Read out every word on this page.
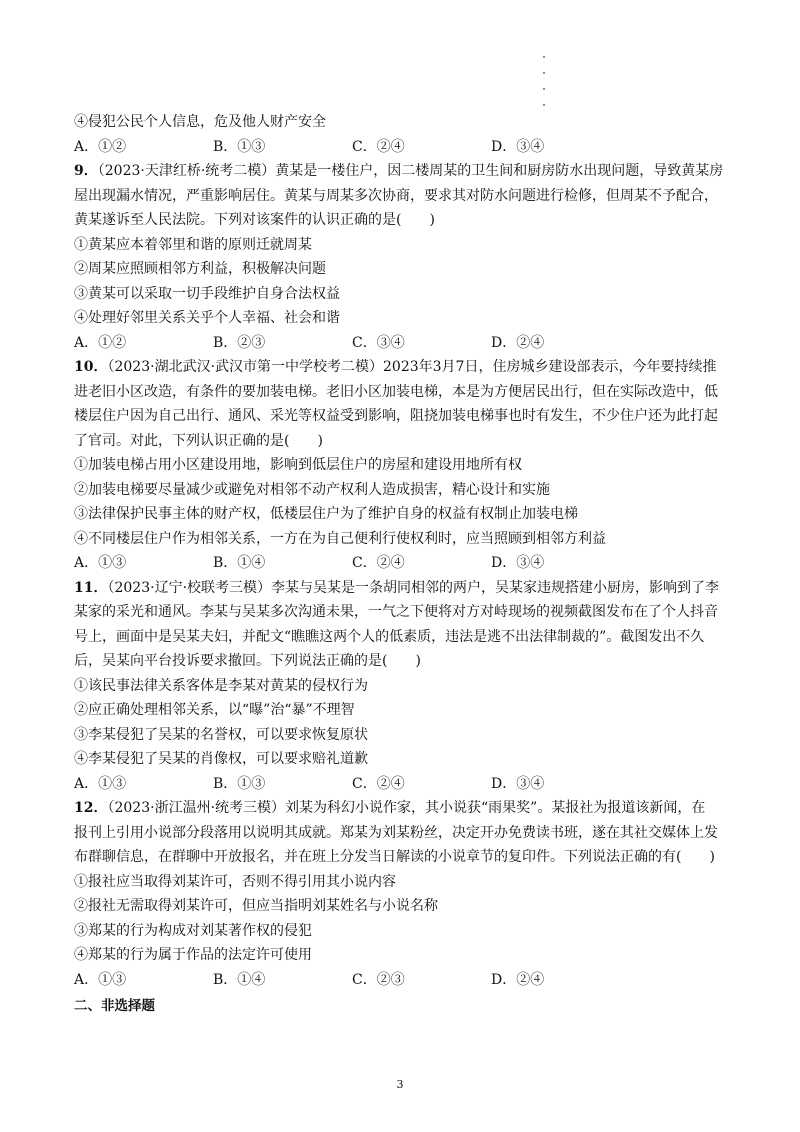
④侵犯公民个人信息，危及他人财产安全
A．①②	B．①③	C．②④	D．③④
9．（2023·天津红桥·统考二模）黄某是一楼住户，因二楼周某的卫生间和厨房防水出现问题，导致黄某房
屋出现漏水情况，严重影响居住。黄某与周某多次协商，要求其对防水问题进行检修，但周某不予配合，
黄某遂诉至人民法院。下列对该案件的认识正确的是(　　)
①黄某应本着邻里和谐的原则迁就周某
②周某应照顾相邻方利益，积极解决问题
③黄某可以采取一切手段维护自身合法权益
④处理好邻里关系关乎个人幸福、社会和谐
A．①②	B．②③	C．③④	D．②④
10．（2023·湖北武汉·武汉市第一中学校考二模）2023年3月7日，住房城乡建设部表示，今年要持续推
进老旧小区改造，有条件的要加装电梯。老旧小区加装电梯，本是为方便居民出行，但在实际改造中，低
楼层住户因为自己出行、通风、采光等权益受到影响，阻挠加装电梯事也时有发生，不少住户还为此打起
了官司。对此，下列认识正确的是(　　)
①加装电梯占用小区建设用地，影响到低层住户的房屋和建设用地所有权
②加装电梯要尽量减少或避免对相邻不动产权利人造成损害，精心设计和实施
③法律保护民事主体的财产权，低楼层住户为了维护自身的权益有权制止加装电梯
④不同楼层住户作为相邻关系，一方在为自己便利行使权利时，应当照顾到相邻方利益
A．①③	B．①④	C．②④	D．③④
11．（2023·辽宁·校联考三模）李某与吴某是一条胡同相邻的两户，吴某家违规搭建小厨房，影响到了李
某家的采光和通风。李某与吴某多次沟通未果，一气之下便将对方对峙现场的视频截图发布在了个人抖音
号上，画面中是吴某夫妇，并配文“瞧瞧这两个人的低素质，违法是逃不出法律制裁的”。截图发出不久
后，吴某向平台投诉要求撤回。下列说法正确的是(　　)
①该民事法律关系客体是李某对黄某的侵权行为
②应正确处理相邻关系，以“曝”治“暴”不理智
③李某侵犯了吴某的名誉权，可以要求恢复原状
④李某侵犯了吴某的肖像权，可以要求赔礼道歉
A．①③	B．①③	C．②④	D．③④
12．（2023·浙江温州·统考三模）刘某为科幻小说作家，其小说获“雨果奖”。某报社为报道该新闻，在
报刊上引用小说部分段落用以说明其成就。郑某为刘某粉丝，决定开办免费读书班，遂在其社交媒体上发
布群聊信息，在群聊中开放报名，并在班上分发当日解读的小说章节的复印件。下列说法正确的有(　　)
①报社应当取得刘某许可，否则不得引用其小说内容
②报社无需取得刘某许可，但应当指明刘某姓名与小说名称
③郑某的行为构成对刘某著作权的侵犯
④郑某的行为属于作品的法定许可使用
A．①③	B．①④	C．②③	D．②④
二、非选择题
3
